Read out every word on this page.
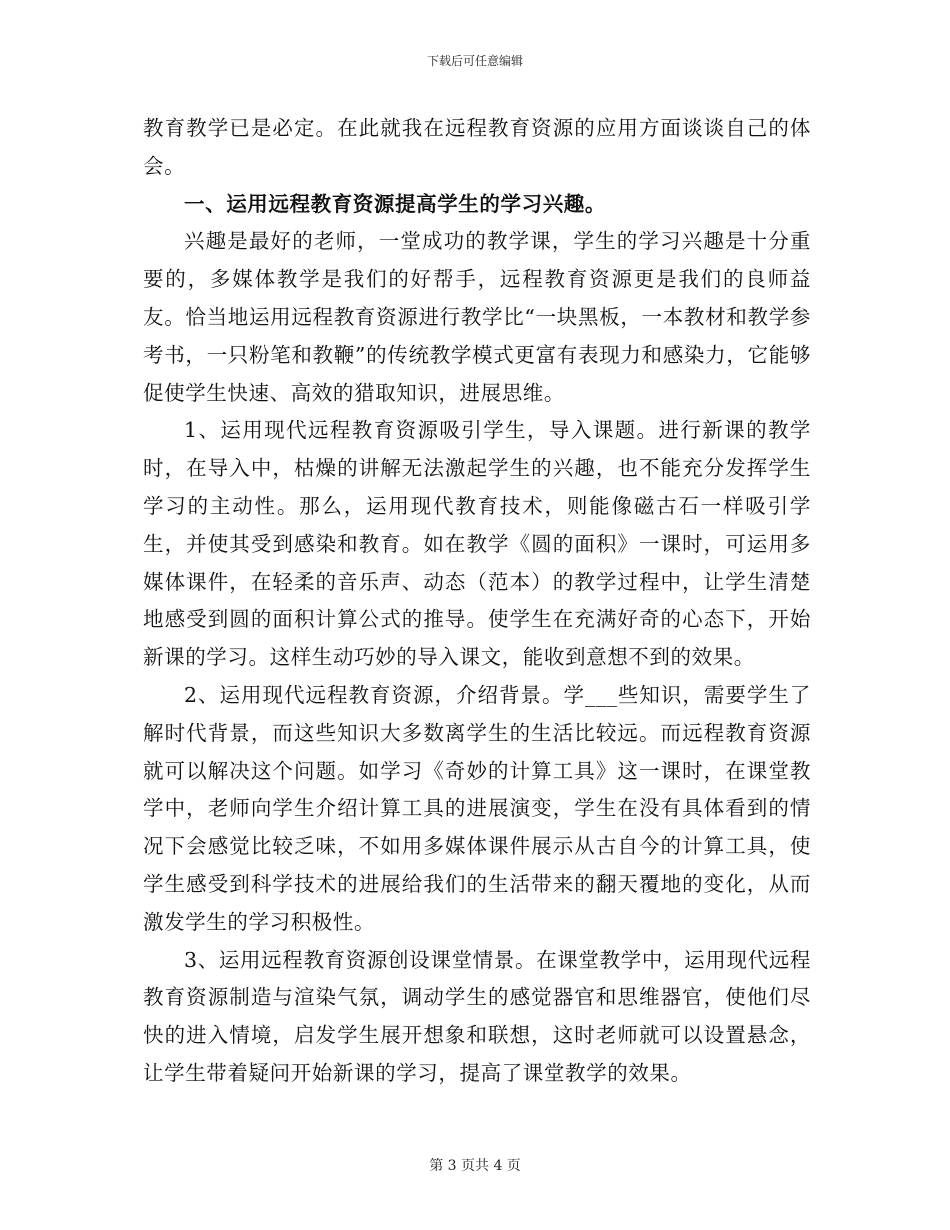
下载后可任意编辑

教育教学已是必定。在此就我在远程教育资源的应用方面谈谈自己的体会。

一、运用远程教育资源提高学生的学习兴趣。

兴趣是最好的老师，一堂成功的教学课，学生的学习兴趣是十分重要的，多媒体教学是我们的好帮手，远程教育资源更是我们的良师益友。恰当地运用远程教育资源进行教学比“一块黑板，一本教材和教学参考书，一只粉笔和教鞭”的传统教学模式更富有表现力和感染力，它能够促使学生快速、高效的猎取知识，进展思维。

1、运用现代远程教育资源吸引学生，导入课题。进行新课的教学时，在导入中，枯燥的讲解无法激起学生的兴趣，也不能充分发挥学生学习的主动性。那么，运用现代教育技术，则能像磁古石一样吸引学生，并使其受到感染和教育。如在教学《圆的面积》一课时，可运用多媒体课件，在轻柔的音乐声、动态（范本）的教学过程中，让学生清楚地感受到圆的面积计算公式的推导。使学生在充满好奇的心态下，开始新课的学习。这样生动巧妙的导入课文，能收到意想不到的效果。

2、运用现代远程教育资源，介绍背景。学___些知识，需要学生了解时代背景，而这些知识大多数离学生的生活比较远。而远程教育资源就可以解决这个问题。如学习《奇妙的计算工具》这一课时，在课堂教学中，老师向学生介绍计算工具的进展演变，学生在没有具体看到的情况下会感觉比较乏味，不如用多媒体课件展示从古自今的计算工具，使学生感受到科学技术的进展给我们的生活带来的翻天覆地的变化，从而激发学生的学习积极性。

3、运用远程教育资源创设课堂情景。在课堂教学中，运用现代远程教育资源制造与渲染气氛，调动学生的感觉器官和思维器官，使他们尽快的进入情境，启发学生展开想象和联想，这时老师就可以设置悬念，让学生带着疑问开始新课的学习，提高了课堂教学的效果。

第 3 页共 4 页
